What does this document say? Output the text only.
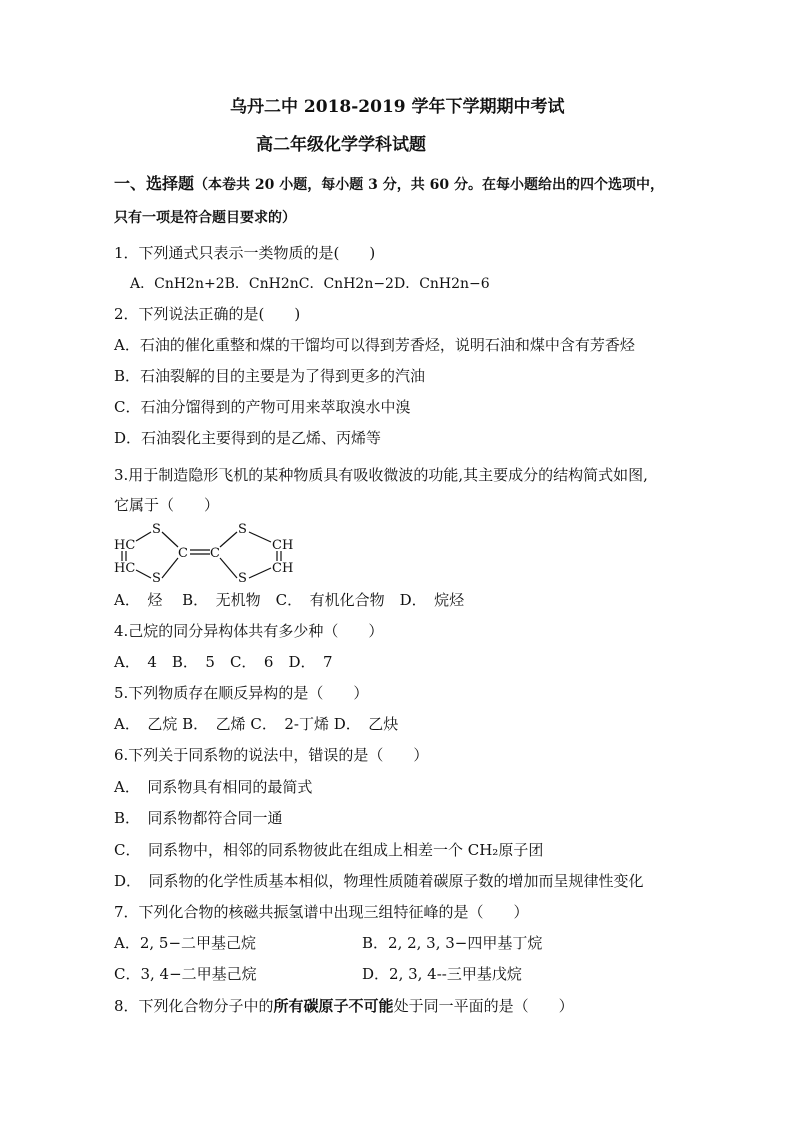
乌丹二中 2018-2019 学年下学期期中考试
高二年级化学学科试题
一、选择题（本卷共 20 小题，每小题 3 分，共 60 分。在每小题给出的四个选项中，
只有一项是符合题目要求的）
1．下列通式只表示一类物质的是(　　)
A．CnH2n+2B．CnH2nC．CnH2n−2D．CnH2n−6
2．下列说法正确的是(　　)
A．石油的催化重整和煤的干馏均可以得到芳香烃，说明石油和煤中含有芳香烃
B．石油裂解的目的主要是为了得到更多的汽油
C．石油分馏得到的产物可用来萃取溴水中溴
D．石油裂化主要得到的是乙烯、丙烯等
3.用于制造隐形飞机的某种物质具有吸收微波的功能,其主要成分的结构简式如图,
它属于（　　）
S
S
HC
HC
S
S
C C
CH
CH
A．　烃　 B．　无机物　C．　有机化合物　D．　烷烃
4.己烷的同分异构体共有多少种（　　）
A．　4　B．　5　C．　6　D．　7
5.下列物质存在顺反异构的是（　　）
A．　乙烷 B．　乙烯 C．　2-丁烯 D．　乙炔
6.下列关于同系物的说法中，错误的是（　　）
A．　同系物具有相同的最简式
B．　同系物都符合同一通
C．　同系物中，相邻的同系物彼此在组成上相差一个 CH₂原子团
D．　同系物的化学性质基本相似，物理性质随着碳原子数的增加而呈规律性变化
7．下列化合物的核磁共振氢谱中出现三组特征峰的是（　　）
A．2, 5−二甲基己烷	B．2, 2, 3, 3−四甲基丁烷
C．3, 4−二甲基己烷	D．2, 3, 4--三甲基戊烷
8．下列化合物分子中的所有碳原子不可能处于同一平面的是（　　）
